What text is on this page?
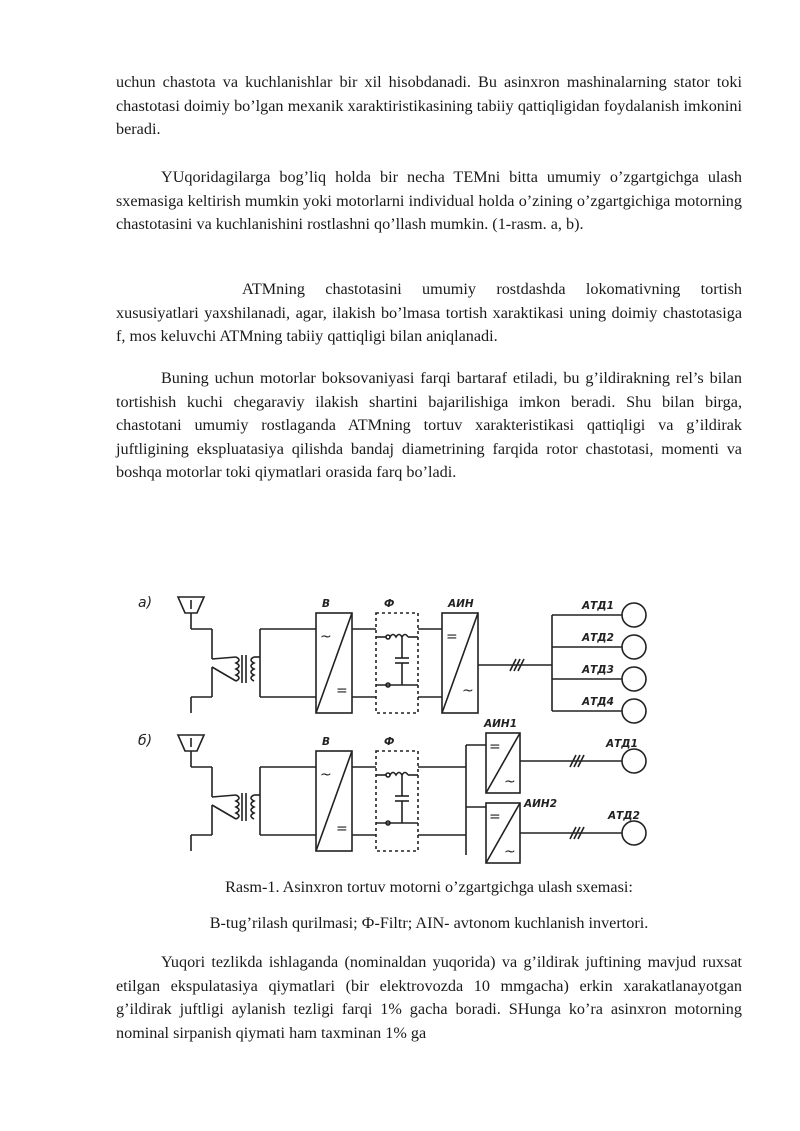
uchun chastota va kuchlanishlar bir xil hisobdanadi. Bu asinxron mashinalarning stator toki chastotasi doimiy bo’lgan mexanik xaraktiristikasining tabiiy qattiqligidan foydalanish imkonini beradi.

YUqoridagilarga bog’liq holda bir necha TEMni bitta umumiy o’zgartgichga ulash sxemasiga keltirish mumkin yoki motorlarni individual holda o’zining o’zgartgichiga motorning chastotasini va kuchlanishini rostlashni qo’llash mumkin. (1-rasm. a, b).

ATMning chastotasini umumiy rostdashda lokomativning tortish xususiyatlari yaxshilanadi, agar, ilakish bo’lmasa tortish xaraktikasi uning doimiy chastotasiga f, mos keluvchi ATMning tabiiy qattiqligi bilan aniqlanadi.

Buning uchun motorlar boksovaniyasi farqi bartaraf etiladi, bu g’ildirakning rel’s bilan tortishish kuchi chegaraviy ilakish shartini bajarilishiga imkon beradi. Shu bilan birga, chastotani umumiy rostlaganda ATMning tortuv xarakteristikasi qattiqligi va g’ildirak juftligining ekspluatasiya qilishda bandaj diametrining farqida rotor chastotasi, momenti va boshqa motorlar toki qiymatlari orasida farq bo’ladi.

a)	В
~
=
Ф	АИН
=
~
АТД1
АТД2
АТД3
АТД4
б)	В
~
=
Ф
АИН1
=
~
АИН2
=
~
АТД1
АТД2

Rasm-1. Asinxron tortuv motorni o’zgartgichga ulash sxemasi:

B-tug’rilash qurilmasi; Ф-Filtr; AIN- avtonom kuchlanish invertori.

Yuqori tezlikda ishlaganda (nominaldan yuqorida) va g’ildirak juftining mavjud ruxsat etilgan ekspulatasiya qiymatlari (bir elektrovozda 10 mmgacha) erkin xarakatlanayotgan g’ildirak juftligi aylanish tezligi farqi 1% gacha boradi. SHunga ko’ra asinxron motorning nominal sirpanish qiymati ham taxminan 1% ga
